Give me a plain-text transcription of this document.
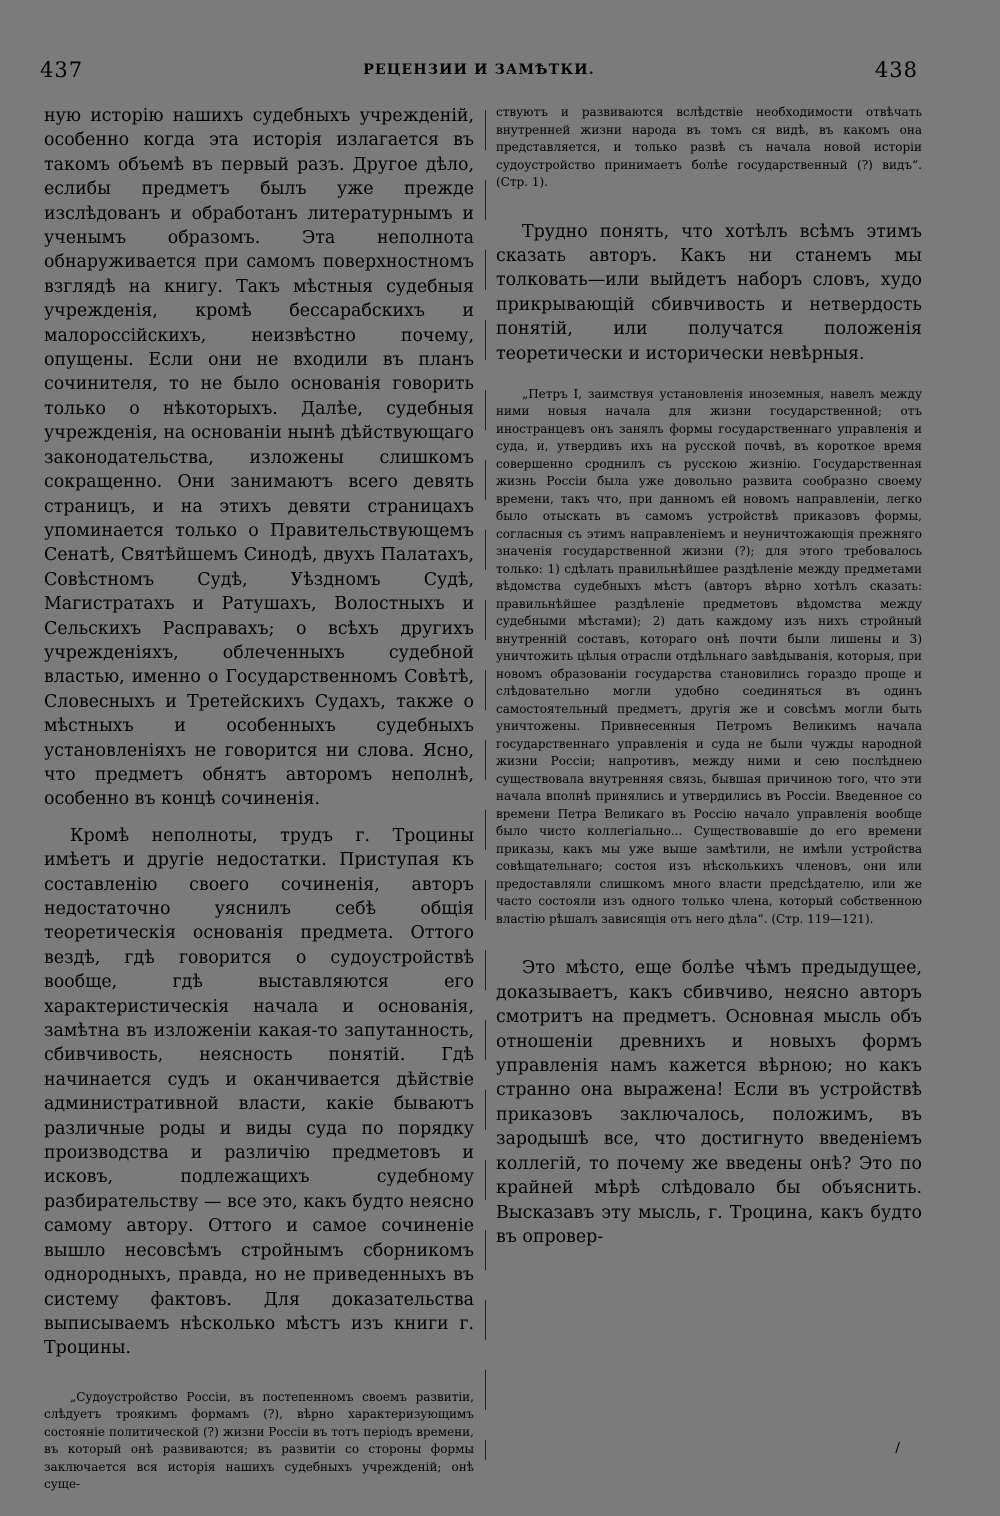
437	РЕЦЕНЗИИ И ЗАМѢТКИ.	438

ную исторію нашихъ судебныхъ учрежденій, особенно когда эта исторія излагается въ такомъ объемѣ въ первый разъ. Другое дѣло, еслибы предметъ былъ уже прежде изслѣдованъ и обработанъ литературнымъ и ученымъ образомъ. Эта неполнота обнаруживается при самомъ поверхностномъ взглядѣ на книгу. Такъ мѣстныя судебныя учрежденія, кромѣ бессарабскихъ и малороссійскихъ, неизвѣстно почему, опущены. Если они не входили въ планъ сочинителя, то не было основанія говорить только о нѣкоторыхъ. Далѣе, судебныя учрежденія, на основаніи нынѣ дѣйствующаго законодательства, изложены слишкомъ сокращенно. Они занимаютъ всего девять страницъ, и на этихъ девяти страницахъ упоминается только о Правительствующемъ Сенатѣ, Святѣйшемъ Синодѣ, двухъ Палатахъ, Совѣстномъ Судѣ, Уѣздномъ Судѣ, Магистратахъ и Ратушахъ, Волостныхъ и Сельскихъ Расправахъ; о всѣхъ другихъ учрежденіяхъ, облеченныхъ судебной властью, именно о Государственномъ Совѣтѣ, Словесныхъ и Третейскихъ Судахъ, также о мѣстныхъ и особенныхъ судебныхъ установленіяхъ не говорится ни слова. Ясно, что предметъ обнятъ авторомъ неполнѣ, особенно въ концѣ сочиненія.

Кромѣ неполноты, трудъ г. Троцины имѣетъ и другіе недостатки. Приступая къ составленію своего сочиненія, авторъ недостаточно уяснилъ себѣ общія теоретическія основанія предмета. Оттого вездѣ, гдѣ говорится о судоустройствѣ вообще, гдѣ выставляются его характеристическія начала и основанія, замѣтна въ изложеніи какая-то запутанность, сбивчивость, неясность понятій. Гдѣ начинается судъ и оканчивается дѣйствіе административной власти, какіе бываютъ различные роды и виды суда по порядку производства и различію предметовъ и исковъ, подлежащихъ судебному разбирательству — все это, какъ будто неясно самому автору. Оттого и самое сочиненіе вышло несовсѣмъ стройнымъ сборникомъ однородныхъ, правда, но не приведенныхъ въ систему фактовъ. Для доказательства выписываемъ нѣсколько мѣстъ изъ книги г. Троцины.

„Судоустройство Россіи, въ постепенномъ своемъ развитіи, слѣдуетъ троякимъ формамъ (?), вѣрно характеризующимъ состояніе политической (?) жизни Россіи въ тотъ періодъ времени, въ который онѣ развиваются; въ развитіи со стороны формы заключается вся исторія нашихъ судебныхъ учрежденій; онѣ суще-

ствуютъ и развиваются вслѣдствіе необходимости отвѣчать внутренней жизни народа въ томъ ся видѣ, въ какомъ она представляется, и только развѣ съ начала новой исторіи судоустройство принимаетъ болѣе государственный (?) видъ“. (Стр. 1).

Трудно понять, что хотѣлъ всѣмъ этимъ сказать авторъ. Какъ ни станемъ мы толковать—или выйдетъ наборъ словъ, худо прикрывающій сбивчивость и нетвердость понятій, или получатся положенія теоретически и исторически невѣрныя.

„Петръ I, заимствуя установленія иноземныя, навелъ между ними новыя начала для жизни государственной; отъ иностранцевъ онъ занялъ формы государственнаго управленія и суда, и, утвердивъ ихъ на русской почвѣ, въ короткое время совершенно сроднилъ съ русскою жизнію. Государственная жизнь Россіи была уже довольно развита сообразно своему времени, такъ что, при данномъ ей новомъ направленіи, легко было отыскать въ самомъ устройствѣ приказовъ формы, согласныя съ этимъ направленіемъ и неуничтожающія прежняго значенія государственной жизни (?); для этого требовалось только: 1) сдѣлать правильнѣйшее раздѣленіе между предметами вѣдомства судебныхъ мѣстъ (авторъ вѣрно хотѣлъ сказать: правильнѣйшее раздѣленіе предметовъ вѣдомства между судебными мѣстами); 2) дать каждому изъ нихъ стройный внутренній составъ, котораго онѣ почти были лишены и 3) уничтожить цѣлыя отрасли отдѣльнаго завѣдыванія, которыя, при новомъ образованіи государства становились гораздо проще и слѣдовательно могли удобно соединяться въ одинъ самостоятельный предметъ, другія же и совсѣмъ могли быть уничтожены. Привнесенныя Петромъ Великимъ начала государственнаго управленія и суда не были чужды народной жизни Россіи; напротивъ, между ними и сею послѣднею существовала внутренняя связь, бывшая причиною того, что эти начала вполнѣ принялись и утвердились въ Россіи. Введенное со времени Петра Великаго въ Россію начало управленія вообще было чисто коллегіально... Существовавшіе до его времени приказы, какъ мы уже выше замѣтили, не имѣли устройства совѣщательнаго; состоя изъ нѣсколькихъ членовъ, они или предоставляли слишкомъ много власти предсѣдателю, или же часто состояли изъ одного только члена, который собственною властію рѣшалъ зависящія отъ него дѣла“. (Стр. 119—121).

Это мѣсто, еще болѣе чѣмъ предыдущее, доказываетъ, какъ сбивчиво, неясно авторъ смотритъ на предметъ. Основная мысль объ отношеніи древнихъ и новыхъ формъ управленія намъ кажется вѣрною; но какъ странно она выражена! Если въ устройствѣ приказовъ заключалось, положимъ, въ зародышѣ все, что достигнуто введеніемъ коллегій, то почему же введены онѣ? Это по крайней мѣрѣ слѣдовало бы объяснить. Высказавъ эту мысль, г. Троцина, какъ будто въ опровер-

\
